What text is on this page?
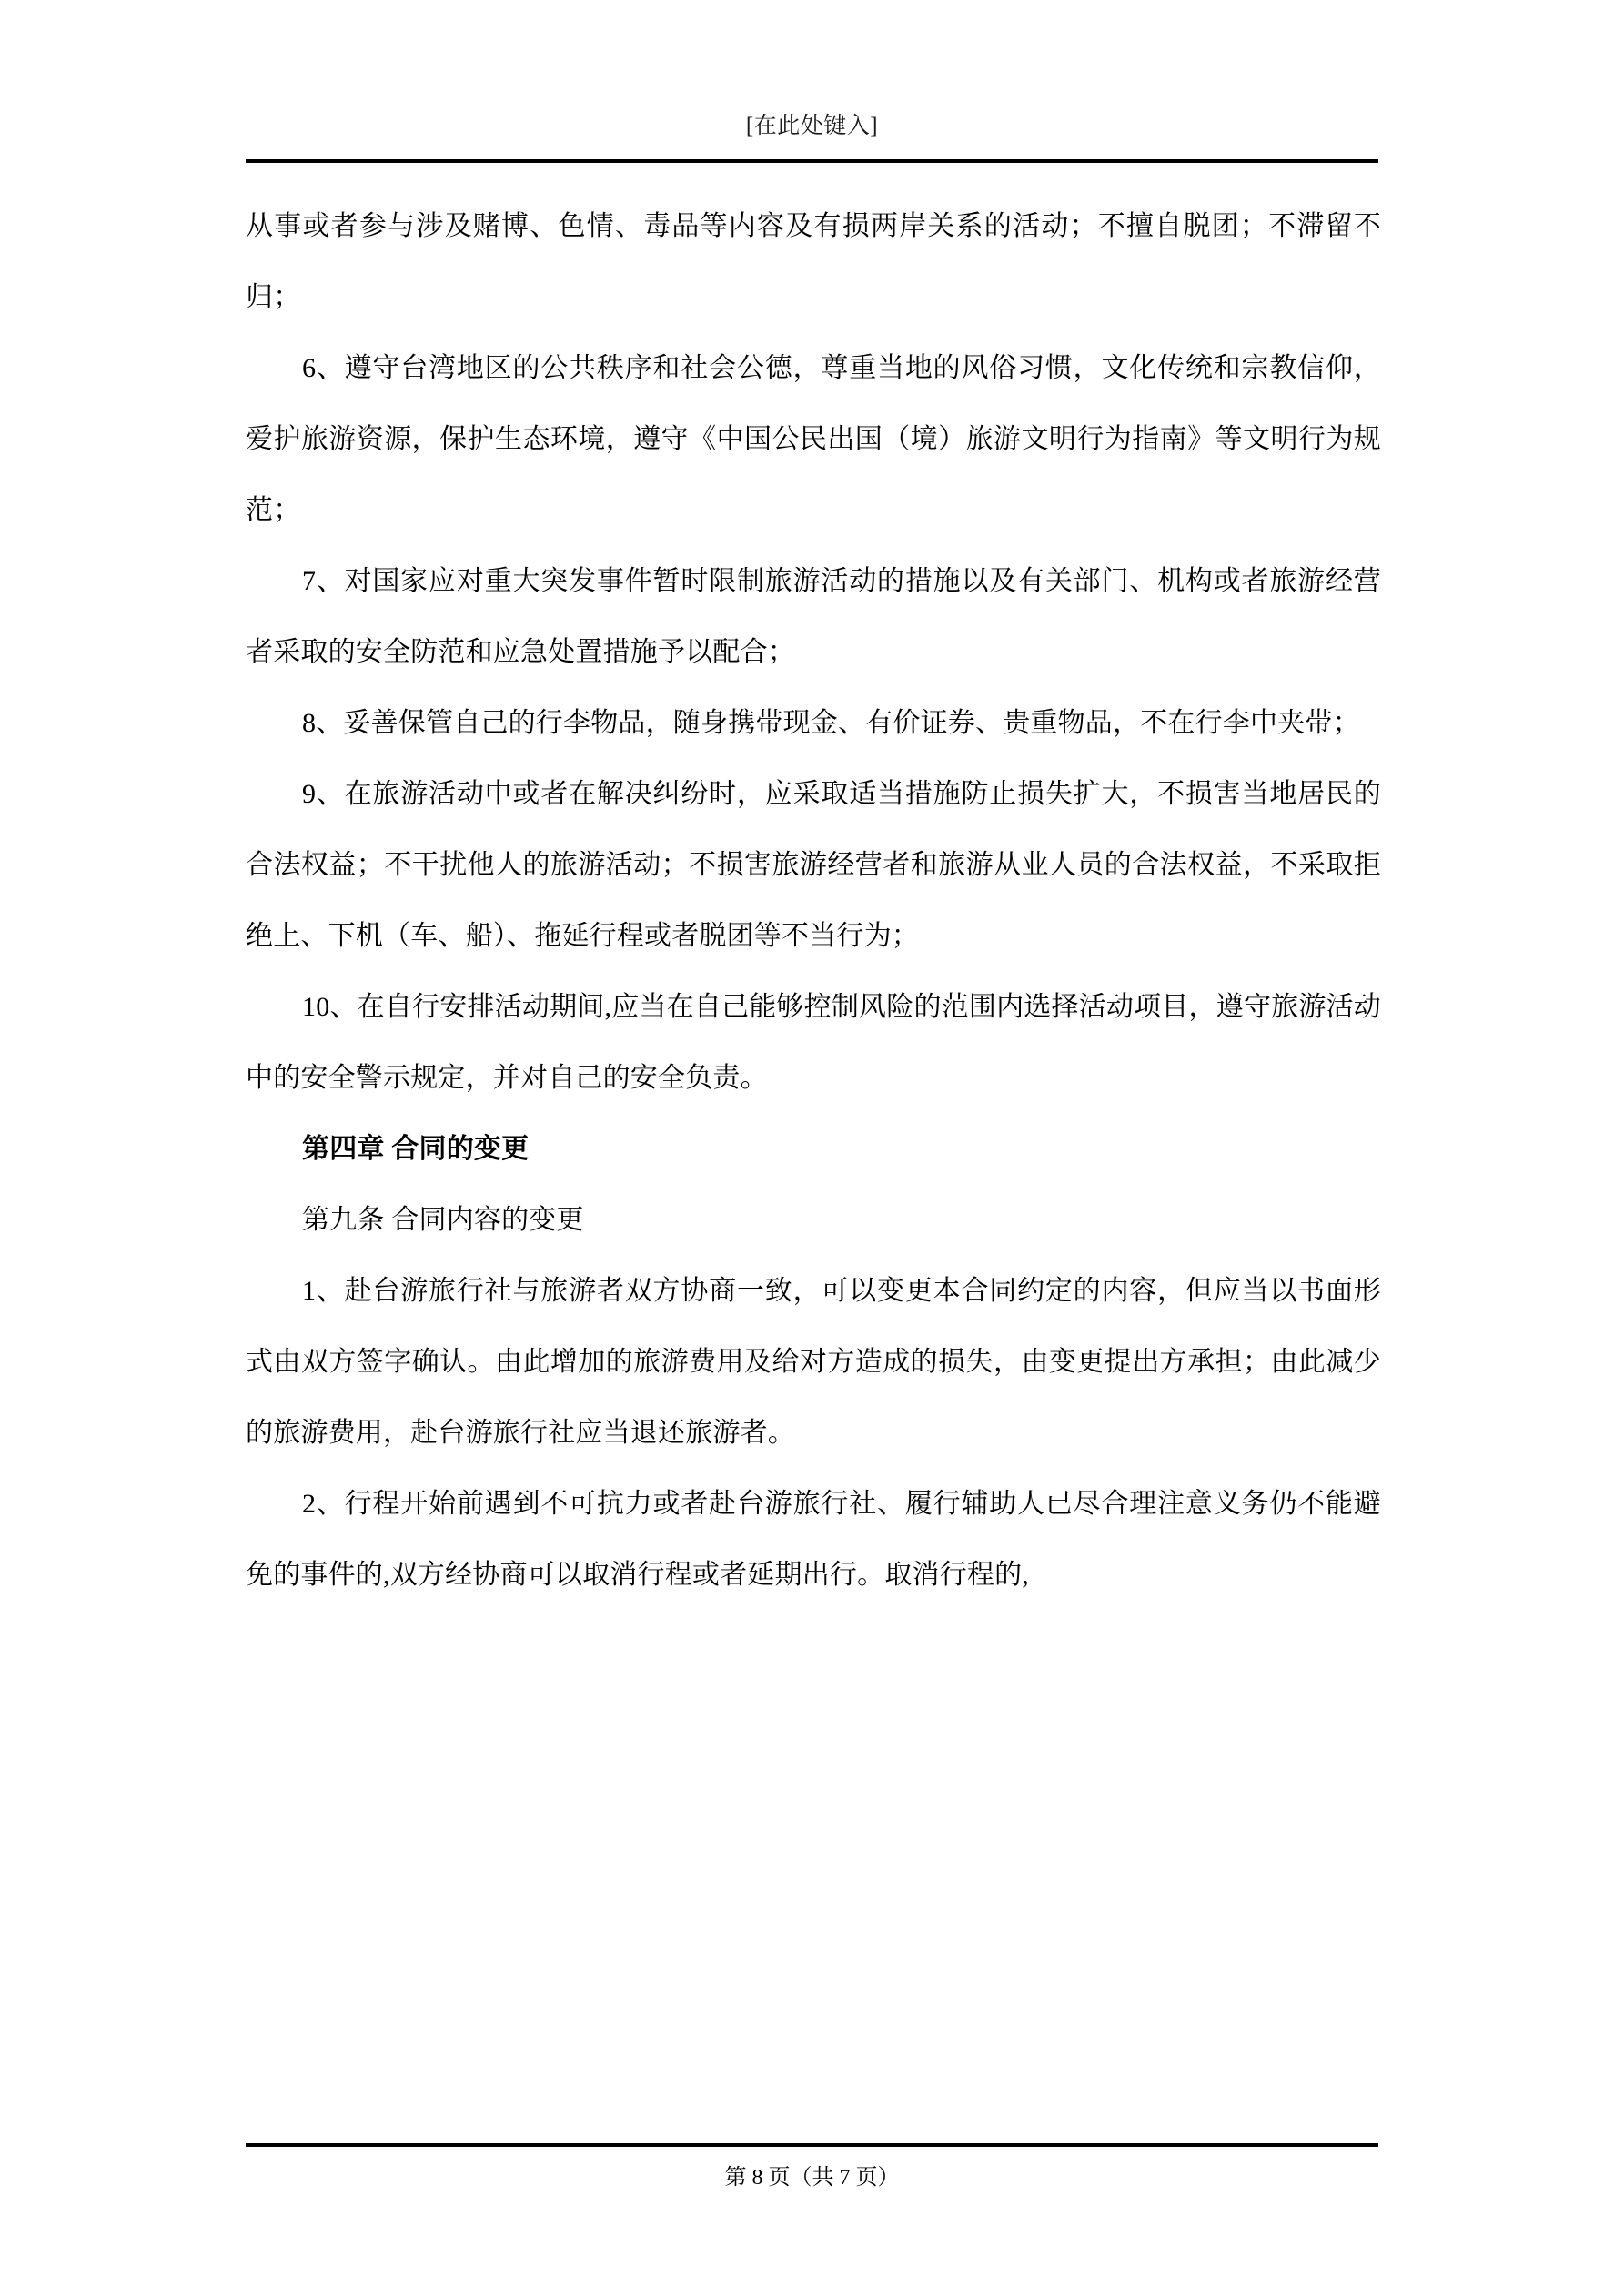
[在此处键入]

从事或者参与涉及赌博、色情、毒品等内容及有损两岸关系的活动；不擅自脱团；不滞留不归；

6、遵守台湾地区的公共秩序和社会公德，尊重当地的风俗习惯，文化传统和宗教信仰，爱护旅游资源，保护生态环境，遵守《中国公民出国（境）旅游文明行为指南》等文明行为规范；

7、对国家应对重大突发事件暂时限制旅游活动的措施以及有关部门、机构或者旅游经营者采取的安全防范和应急处置措施予以配合；

8、妥善保管自己的行李物品，随身携带现金、有价证券、贵重物品，不在行李中夹带；

9、在旅游活动中或者在解决纠纷时，应采取适当措施防止损失扩大，不损害当地居民的合法权益；不干扰他人的旅游活动；不损害旅游经营者和旅游从业人员的合法权益，不采取拒绝上、下机（车、船）、拖延行程或者脱团等不当行为；

10、在自行安排活动期间,应当在自己能够控制风险的范围内选择活动项目，遵守旅游活动中的安全警示规定，并对自己的安全负责。

第四章 合同的变更

第九条 合同内容的变更

1、赴台游旅行社与旅游者双方协商一致，可以变更本合同约定的内容，但应当以书面形式由双方签字确认。由此增加的旅游费用及给对方造成的损失，由变更提出方承担；由此减少的旅游费用，赴台游旅行社应当退还旅游者。

2、行程开始前遇到不可抗力或者赴台游旅行社、履行辅助人已尽合理注意义务仍不能避免的事件的,双方经协商可以取消行程或者延期出行。取消行程的,

第 8 页（共 7 页）
